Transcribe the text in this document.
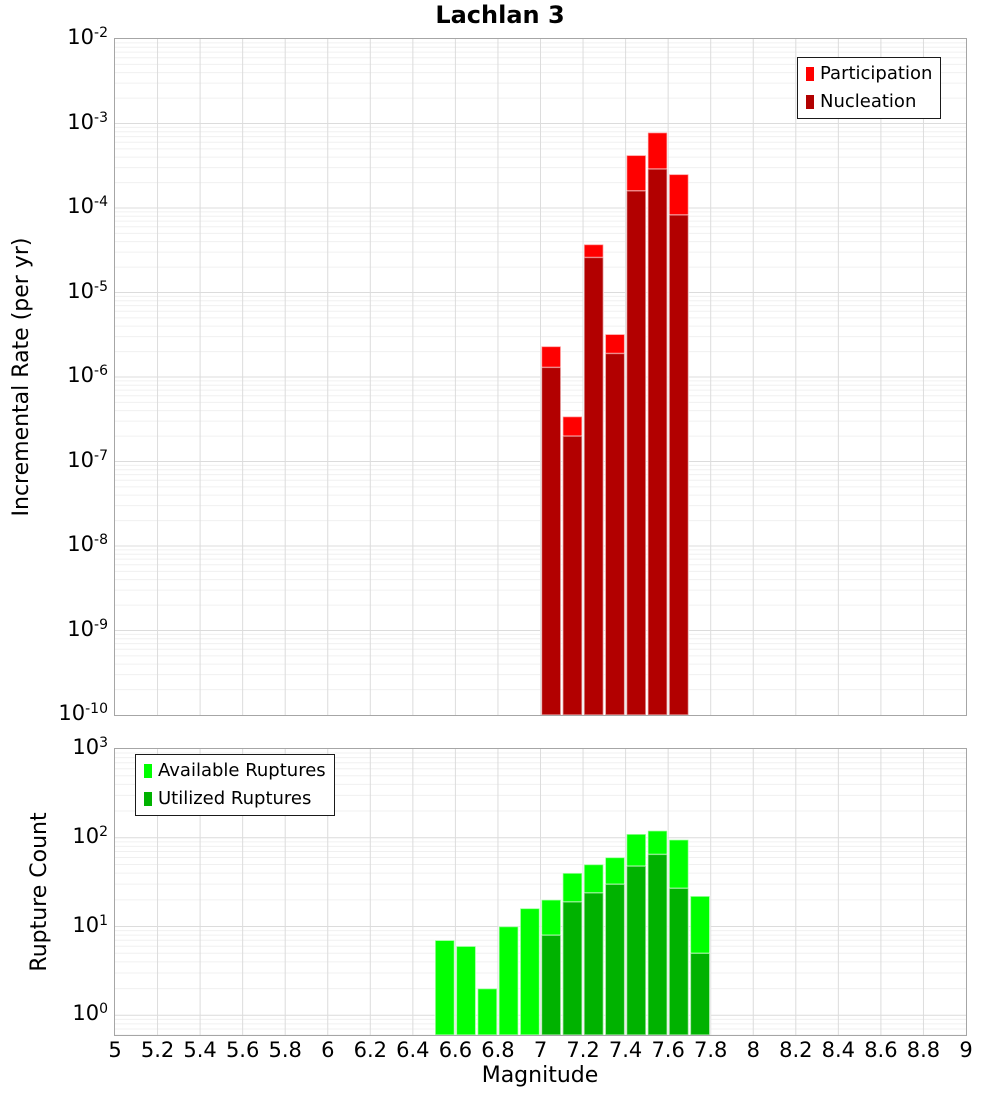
Lachlan 3
Incremental Rate (per yr)
Rupture Count
Magnitude
Participation
Nucleation
Available Ruptures
Utilized Ruptures
$10^{-2}$
$10^{-3}$
$10^{-4}$
$10^{-5}$
$10^{-6}$
$10^{-7}$
$10^{-8}$
$10^{-9}$
$10^{-10}$
$10^3$
$10^2$
$10^1$
$10^0$
5 5.2 5.4 5.6 5.8 6 6.2 6.4 6.6 6.8 7 7.2 7.4 7.6 7.8 8 8.2 8.4 8.6 8.8 9
